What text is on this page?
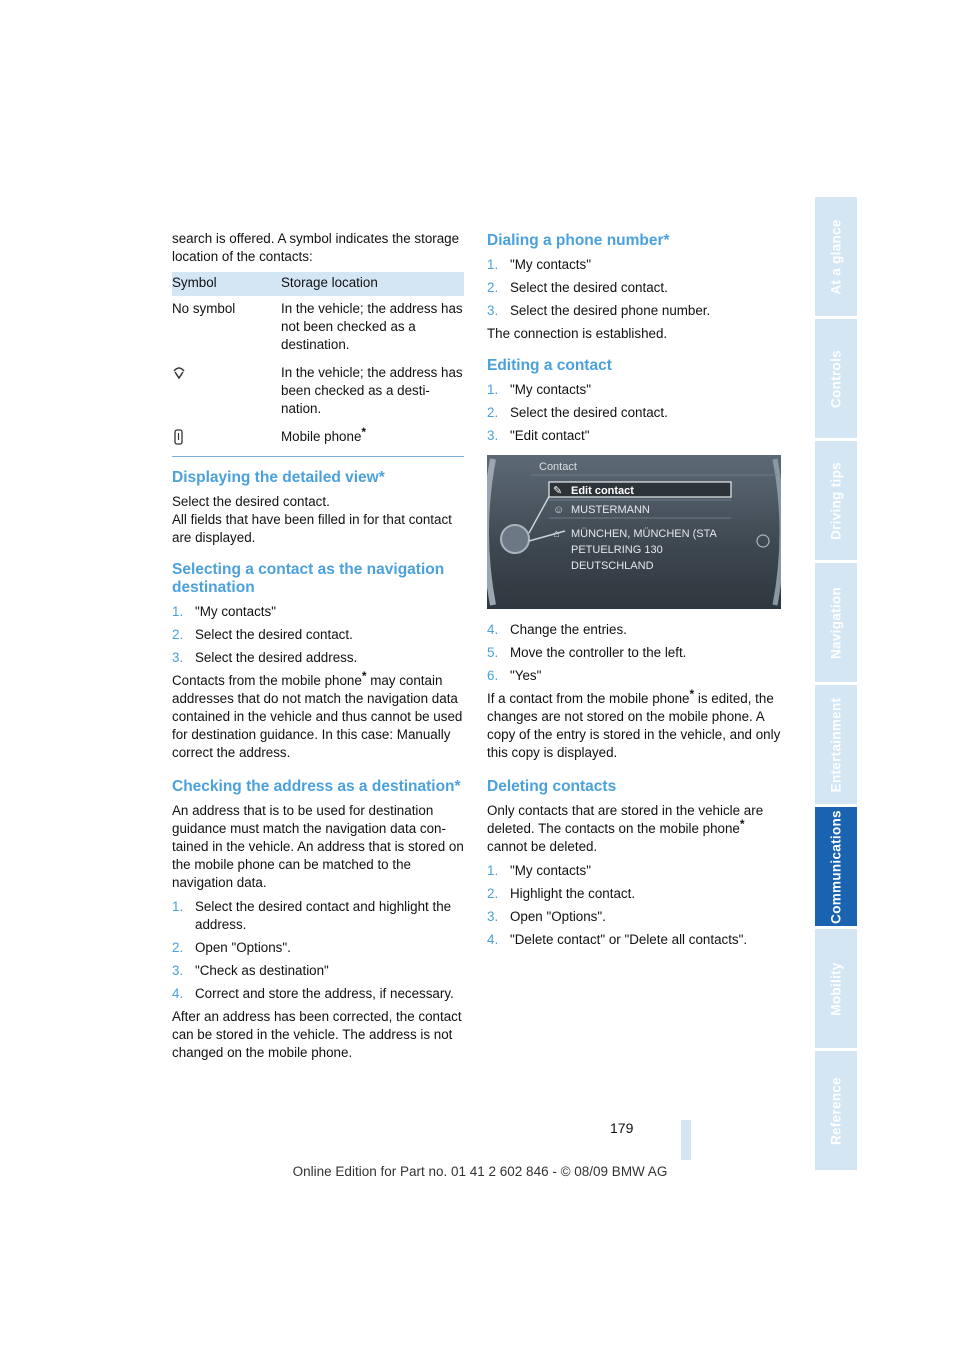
search is offered. A symbol indicates the storage location of the contacts:

Symbol	Storage location
No symbol	In the vehicle; the address has not been checked as a destination.
	In the vehicle; the address has been checked as a destination.
	Mobile phone*
Displaying the detailed view*

Select the desired contact.

All fields that have been filled in for that contact are displayed.

Selecting a contact as the navigation destination
1. "My contacts"
2. Select the desired contact.
3. Select the desired address.

Contacts from the mobile phone* may contain addresses that do not match the navigation data contained in the vehicle and thus cannot be used for destination guidance. In this case: Manually correct the address.

Checking the address as a destination*

An address that is to be used for destination guidance must match the navigation data contained in the vehicle. An address that is stored on the mobile phone can be matched to the navigation data.

1. Select the desired contact and highlight the address.
2. Open "Options".
3. "Check as destination"
4. Correct and store the address, if necessary.

After an address has been corrected, the contact can be stored in the vehicle. The address is not changed on the mobile phone.

Dialing a phone number*
1. "My contacts"
2. Select the desired contact.
3. Select the desired phone number.

The connection is established.

Editing a contact
1. "My contacts"
2. Select the desired contact.
3. "Edit contact"
Contact
✎ Edit contact
☺ MUSTERMANN
⌂ MÜNCHEN, MÜNCHEN (STA
PETUELRING 130
DEUTSCHLAND
4. Change the entries.
5. Move the controller to the left.
6. "Yes"

If a contact from the mobile phone* is edited, the changes are not stored on the mobile phone. A copy of the entry is stored in the vehicle, and only this copy is displayed.

Deleting contacts

Only contacts that are stored in the vehicle are deleted. The contacts on the mobile phone* cannot be deleted.

1. "My contacts"
2. Highlight the contact.
3. Open "Options".
4. "Delete contact" or "Delete all contacts".
At a glance
Controls
Driving tips
Navigation
Entertainment
Communications
Mobility
Reference
179
Online Edition for Part no. 01 41 2 602 846 - © 08/09 BMW AG
